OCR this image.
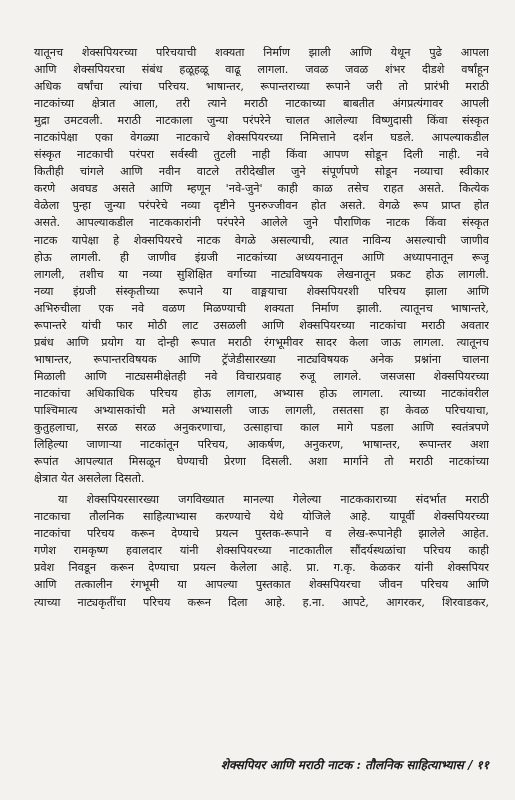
यातूनच शेक्सपियरच्या परिचयाची शक्यता निर्माण झाली आणि येथून पुढे आपला
आणि शेक्सपियरचा संबंध हळूहळू वाढू लागला. जवळ जवळ शंभर दीडशे वर्षांहून
अधिक वर्षांचा त्यांचा परिचय. भाषान्तर, रूपान्तराच्या रूपाने जरी तो प्रारंभी मराठी
नाटकांच्या क्षेत्रात आला, तरी त्याने मराठी नाटकाच्या बाबतीत अंगप्रत्यंगावर आपली
मुद्रा उमटवली. मराठी नाटकाला जुन्या परंपरेने चालत आलेल्या विष्णुदासी किंवा संस्कृत
नाटकांपेक्षा एका वेगळ्या नाटकाचे शेक्सपियरच्या निमित्ताने दर्शन घडले. आपल्याकडील
संस्कृत नाटकाची परंपरा सर्वस्वी तुटली नाही किंवा आपण सोडून दिली नाही. नवे
कितीही चांगले आणि नवीन वाटले तरीदेखील जुने संपूर्णपणे सोडून नव्याचा स्वीकार
करणे अवघड असते आणि म्हणून 'नवे-जुने' काही काळ तसेच राहत असते. कित्येक
वेळेला पुन्हा जुन्या परंपरेचे नव्या दृष्टीने पुनरुज्जीवन होत असते. वेगळे रूप प्राप्त होत
असते. आपल्याकडील नाटककारांनी परंपरेने आलेले जुने पौराणिक नाटक किंवा संस्कृत
नाटक यापेक्षा हे शेक्सपियरचे नाटक वेगळे असल्याची, त्यात नाविन्य असल्याची जाणीव
होऊ लागली. ही जाणीव इंग्रजी नाटकांच्या अध्ययनातून आणि अध्यापनातून रूजू
लागली, तशीच या नव्या सुशिक्षित वर्गाच्या नाट्यविषयक लेखनातून प्रकट होऊ लागली.
नव्या इंग्रजी संस्कृतीच्या रूपाने या वाङ्मयाचा शेक्सपियरशी परिचय झाला आणि
अभिरुचीला एक नवे वळण मिळण्याची शक्यता निर्माण झाली. त्यातूनच भाषान्तरे,
रूपान्तरे यांची फार मोठी लाट उसळली आणि शेक्सपियरच्या नाटकांचा मराठी अवतार
प्रबंध आणि प्रयोग या दोन्ही रूपात मराठी रंगभूमीवर सादर केला जाऊ लागला. त्यातूनच
भाषान्तर, रूपान्तरविषयक आणि ट्रॅजेडीसारख्या नाट्यविषयक अनेक प्रश्नांना चालना
मिळाली आणि नाट्यसमीक्षेतही नवे विचारप्रवाह रुजू लागले. जसजसा शेक्सपियरच्या
नाटकांचा अधिकाधिक परिचय होऊ लागला, अभ्यास होऊ लागला. त्याच्या नाटकांवरील
पाश्चिमात्य अभ्यासकांची मते अभ्यासली जाऊ लागली, तसतसा हा केवळ परिचयाचा,
कुतुहलाचा, सरळ सरळ अनुकरणाचा, उत्साहाचा काल मागे पडला आणि स्वतंत्रपणे
लिहिल्या जाणाऱ्या नाटकांतून परिचय, आकर्षण, अनुकरण, भाषान्तर, रूपान्तर अशा
रूपांत आपल्यात मिसळून घेण्याची प्रेरणा दिसली. अशा मार्गाने तो मराठी नाटकांच्या
क्षेत्रात येत असलेला दिसतो.
या शेक्सपियरसारख्या जगविख्यात मानल्या गेलेल्या नाटककाराच्या संदर्भात मराठी
नाटकाचा तौलनिक साहित्याभ्यास करण्याचे येथे योजिले आहे. यापूर्वी शेक्सपियरच्या
नाटकांचा परिचय करून देण्याचे प्रयत्न पुस्तक-रूपाने व लेख-रूपानेही झालेले आहेत.
गणेश रामकृष्ण हवालदार यांनी शेक्सपियरच्या नाटकातील सौंदर्यस्थळांचा परिचय काही
प्रवेश निवडून करून देण्याचा प्रयत्न केलेला आहे. प्रा. ग.कृ. केळकर यांनी शेक्सपियर
आणि तत्कालीन रंगभूमी या आपल्या पुस्तकात शेक्सपियरचा जीवन परिचय आणि
त्याच्या नाट्यकृतींचा परिचय करून दिला आहे. ह.ना. आपटे, आगरकर, शिरवाडकर,
शेक्सपियर आणि मराठी नाटक : तौलनिक साहित्याभ्यास / ११
